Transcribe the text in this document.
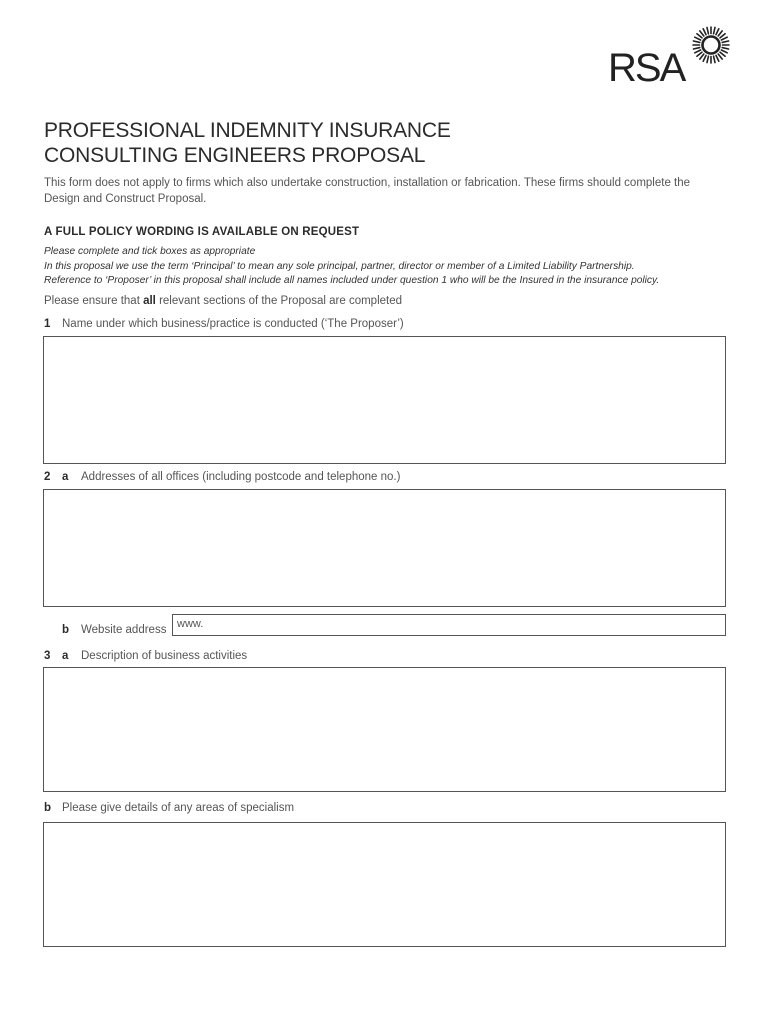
RSA
PROFESSIONAL INDEMNITY INSURANCE
CONSULTING ENGINEERS PROPOSAL
This form does not apply to firms which also undertake construction, installation or fabrication. These firms should complete the
Design and Construct Proposal.
A FULL POLICY WORDING IS AVAILABLE ON REQUEST
Please complete and tick boxes as appropriate
In this proposal we use the term ‘Principal’ to mean any sole principal, partner, director or member of a Limited Liability Partnership.
Reference to ‘Proposer’ in this proposal shall include all names included under question 1 who will be the Insured in the insurance policy.
Please ensure that all relevant sections of the Proposal are completed
1 Name under which business/practice is conducted (‘The Proposer’)
2 a Addresses of all offices (including postcode and telephone no.)
b Website address www.
3 a Description of business activities
b Please give details of any areas of specialism
